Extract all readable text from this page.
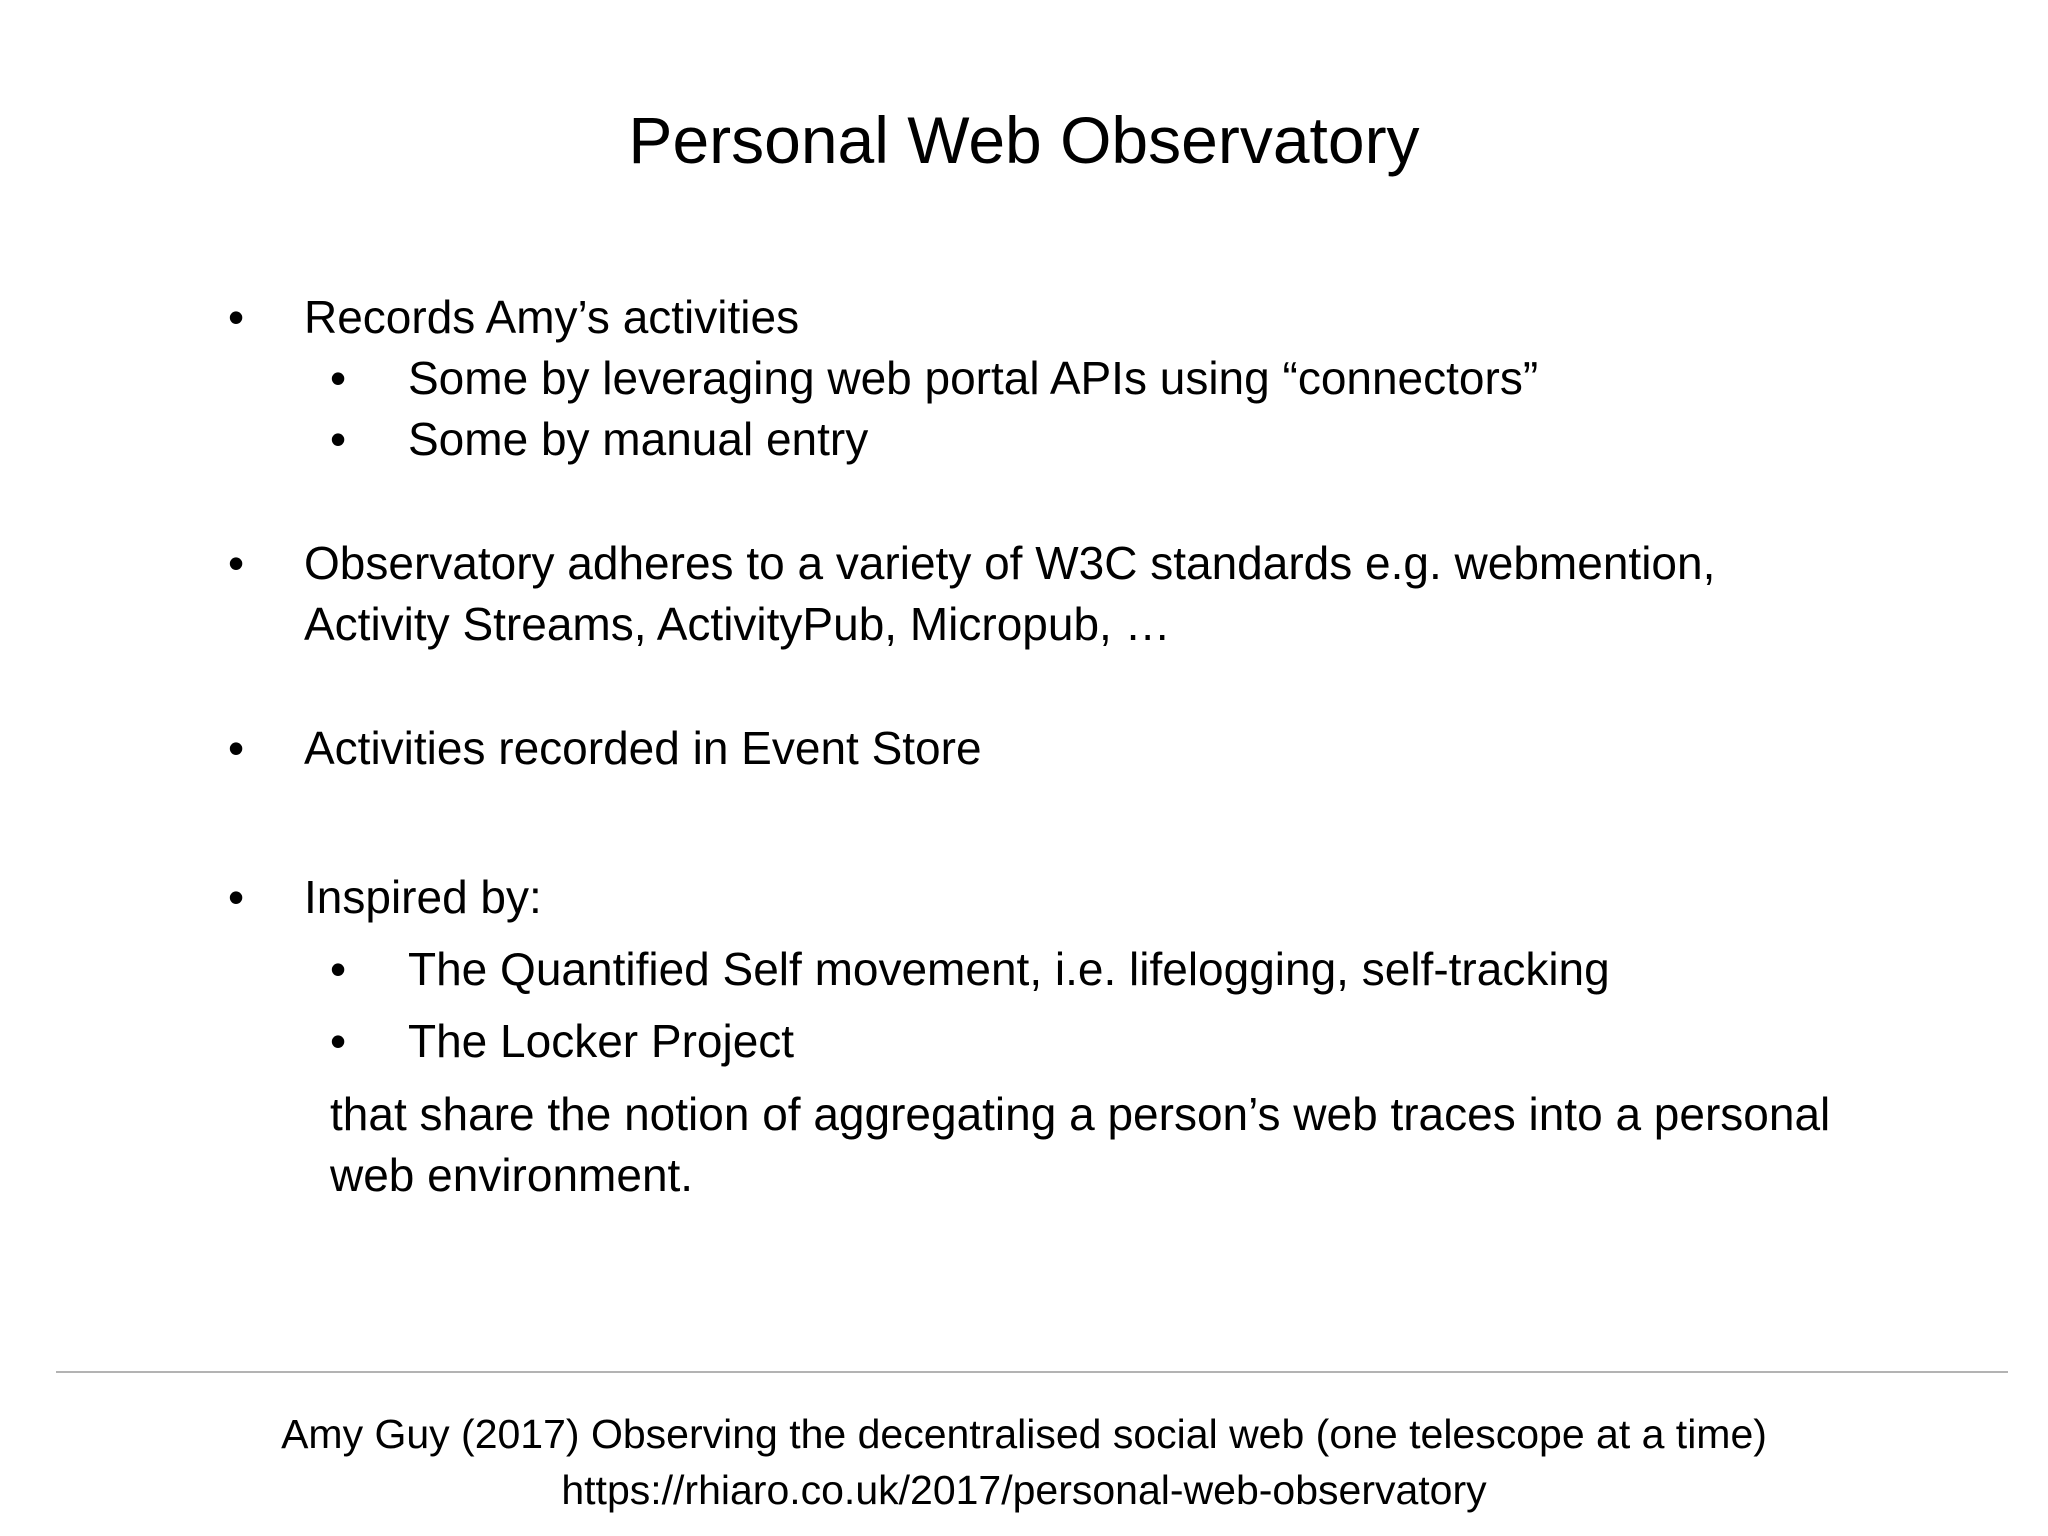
Personal Web Observatory
• Records Amy’s activities
• Some by leveraging web portal APIs using “connectors”
• Some by manual entry
• Observatory adheres to a variety of W3C standards e.g. webmention,
Activity Streams, ActivityPub, Micropub, …
• Activities recorded in Event Store
• Inspired by:
• The Quantified Self movement, i.e. lifelogging, self-tracking
• The Locker Project
that share the notion of aggregating a person’s web traces into a personal
web environment.
Amy Guy (2017) Observing the decentralised social web (one telescope at a time)
https://rhiaro.co.uk/2017/personal-web-observatory
